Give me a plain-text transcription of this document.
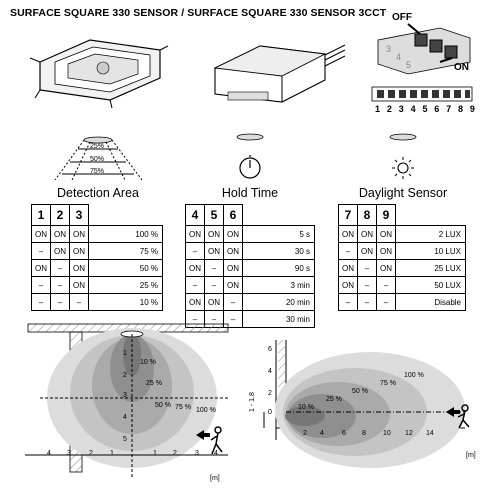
SURFACE SQUARE 330 SENSOR / SURFACE SQUARE 330 SENSOR 3CCT OFF
ON
3
4
5
1 2 3 4 5 6 7 8 9
25%
50%
75%
Detection Area	Hold Time	Daylight Sensor
1	2	3	
ON	ON	ON	100 %
–	ON	ON	75 %
ON	–	ON	50 %
–	–	ON	25 %
–	–	–	10 %
4	5	6	
ON	ON	ON	5 s
–	ON	ON	30 s
ON	–	ON	90 s
–	–	ON	3 min
ON	ON	–	20 min
–	–	–	30 min
7	8	9	
ON	ON	ON	2 LUX
–	ON	ON	10 LUX
ON	–	ON	25 LUX
ON	–	–	50 LUX
–	–	–	Disable
10 %
25 %
50 % 75 % 100 %
1
2
3
4
5
4 3	2 1	1 2	3 4
[m]
10 %
25 %
50 %
75 %
100 %
6
4
2
0
1 - 1.8
2 4	6 8 10 12 14
[m]
